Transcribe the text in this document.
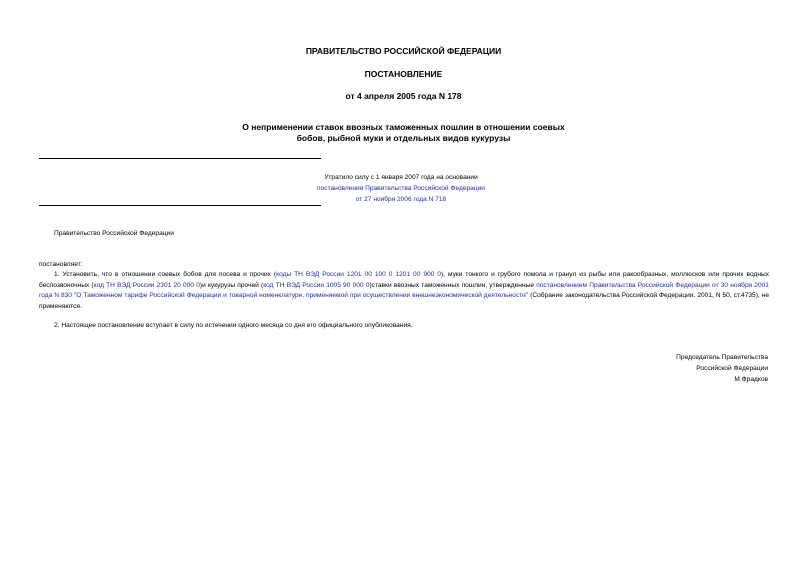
ПРАВИТЕЛЬСТВО РОССИЙСКОЙ ФЕДЕРАЦИИ
ПОСТАНОВЛЕНИЕ
от 4 апреля 2005 года N 178
О неприменении ставок ввозных таможенных пошлин в отношении соевых
бобов, рыбной муки и отдельных видов кукурузы
Утратило силу с 1 января 2007 года на основании
постановления Правительства Российской Федерации
от 27 ноября 2006 года N 718
Правительство Российской Федерации
постановляет:
1. Установить, что в отношении соевых бобов для посева и прочих (коды ТН ВЭД России 1201 00 100 0 1201 00 900 0), муки тонкого и грубого помола и гранул из рыбы или ракообразных, моллюсков или прочих водных беспозвоночных (код ТН ВЭД России 2301 20 000 0)и кукурузы прочей (код ТН ВЭД России 1005 90 000 0)ставки ввозных таможенных пошлин, утвержденные постановлением Правительства Российской Федерации от 30 ноября 2001 года N 830 "О Таможенном тарифе Российской Федерации и товарной номенклатуре, применяемой при осуществлении внешнеэкономической деятельности" (Собрание законодательства Российской Федерации, 2001, N 50, ст.4735), не применяются.
2. Настоящее постановление вступает в силу по истечении одного месяца со дня его официального опубликования.
Председатель Правительства
Российской Федерации
М.Фрадков
